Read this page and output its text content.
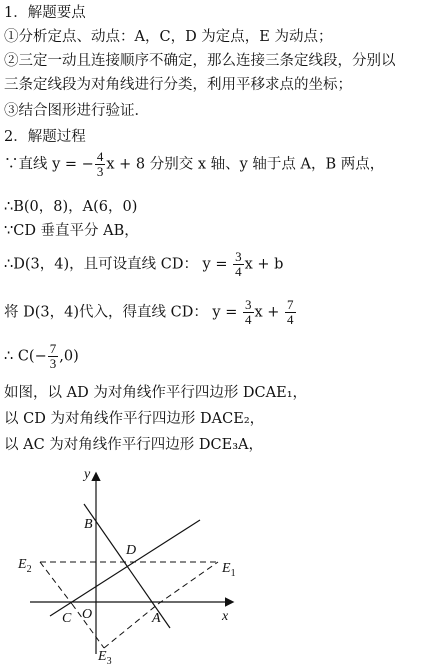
1．解题要点
①分析定点、动点：A，C，D 为定点，E 为动点；
②三定一动且连接顺序不确定，那么连接三条定线段，分别以
三条定线段为对角线进行分类，利用平移求点的坐标；
③结合图形进行验证．
2．解题过程
∵直线 y = − $\frac{4}{3}$ x + 8 分别交 x 轴、y 轴于点 A，B 两点，
∴B(0，8)，A(6，0)
∵CD 垂直平分 AB，
∴D(3，4)，且可设直线 CD： $y = \frac{3}{4}$ x + b
将 D(3，4)代入，得直线 CD： $y = \frac{3}{4}$ $x + \frac{7}{4}$
∴ $C(- \frac{7}{3} ,0)$
如图，以 AD 为对角线作平行四边形 DCAE₁，
以 CD 为对角线作平行四边形 DACE₂，
以 AC 为对角线作平行四边形 DCE₃A，
y
x
B
D
$E_1$
$E_2$
C O	A
$E_3$
